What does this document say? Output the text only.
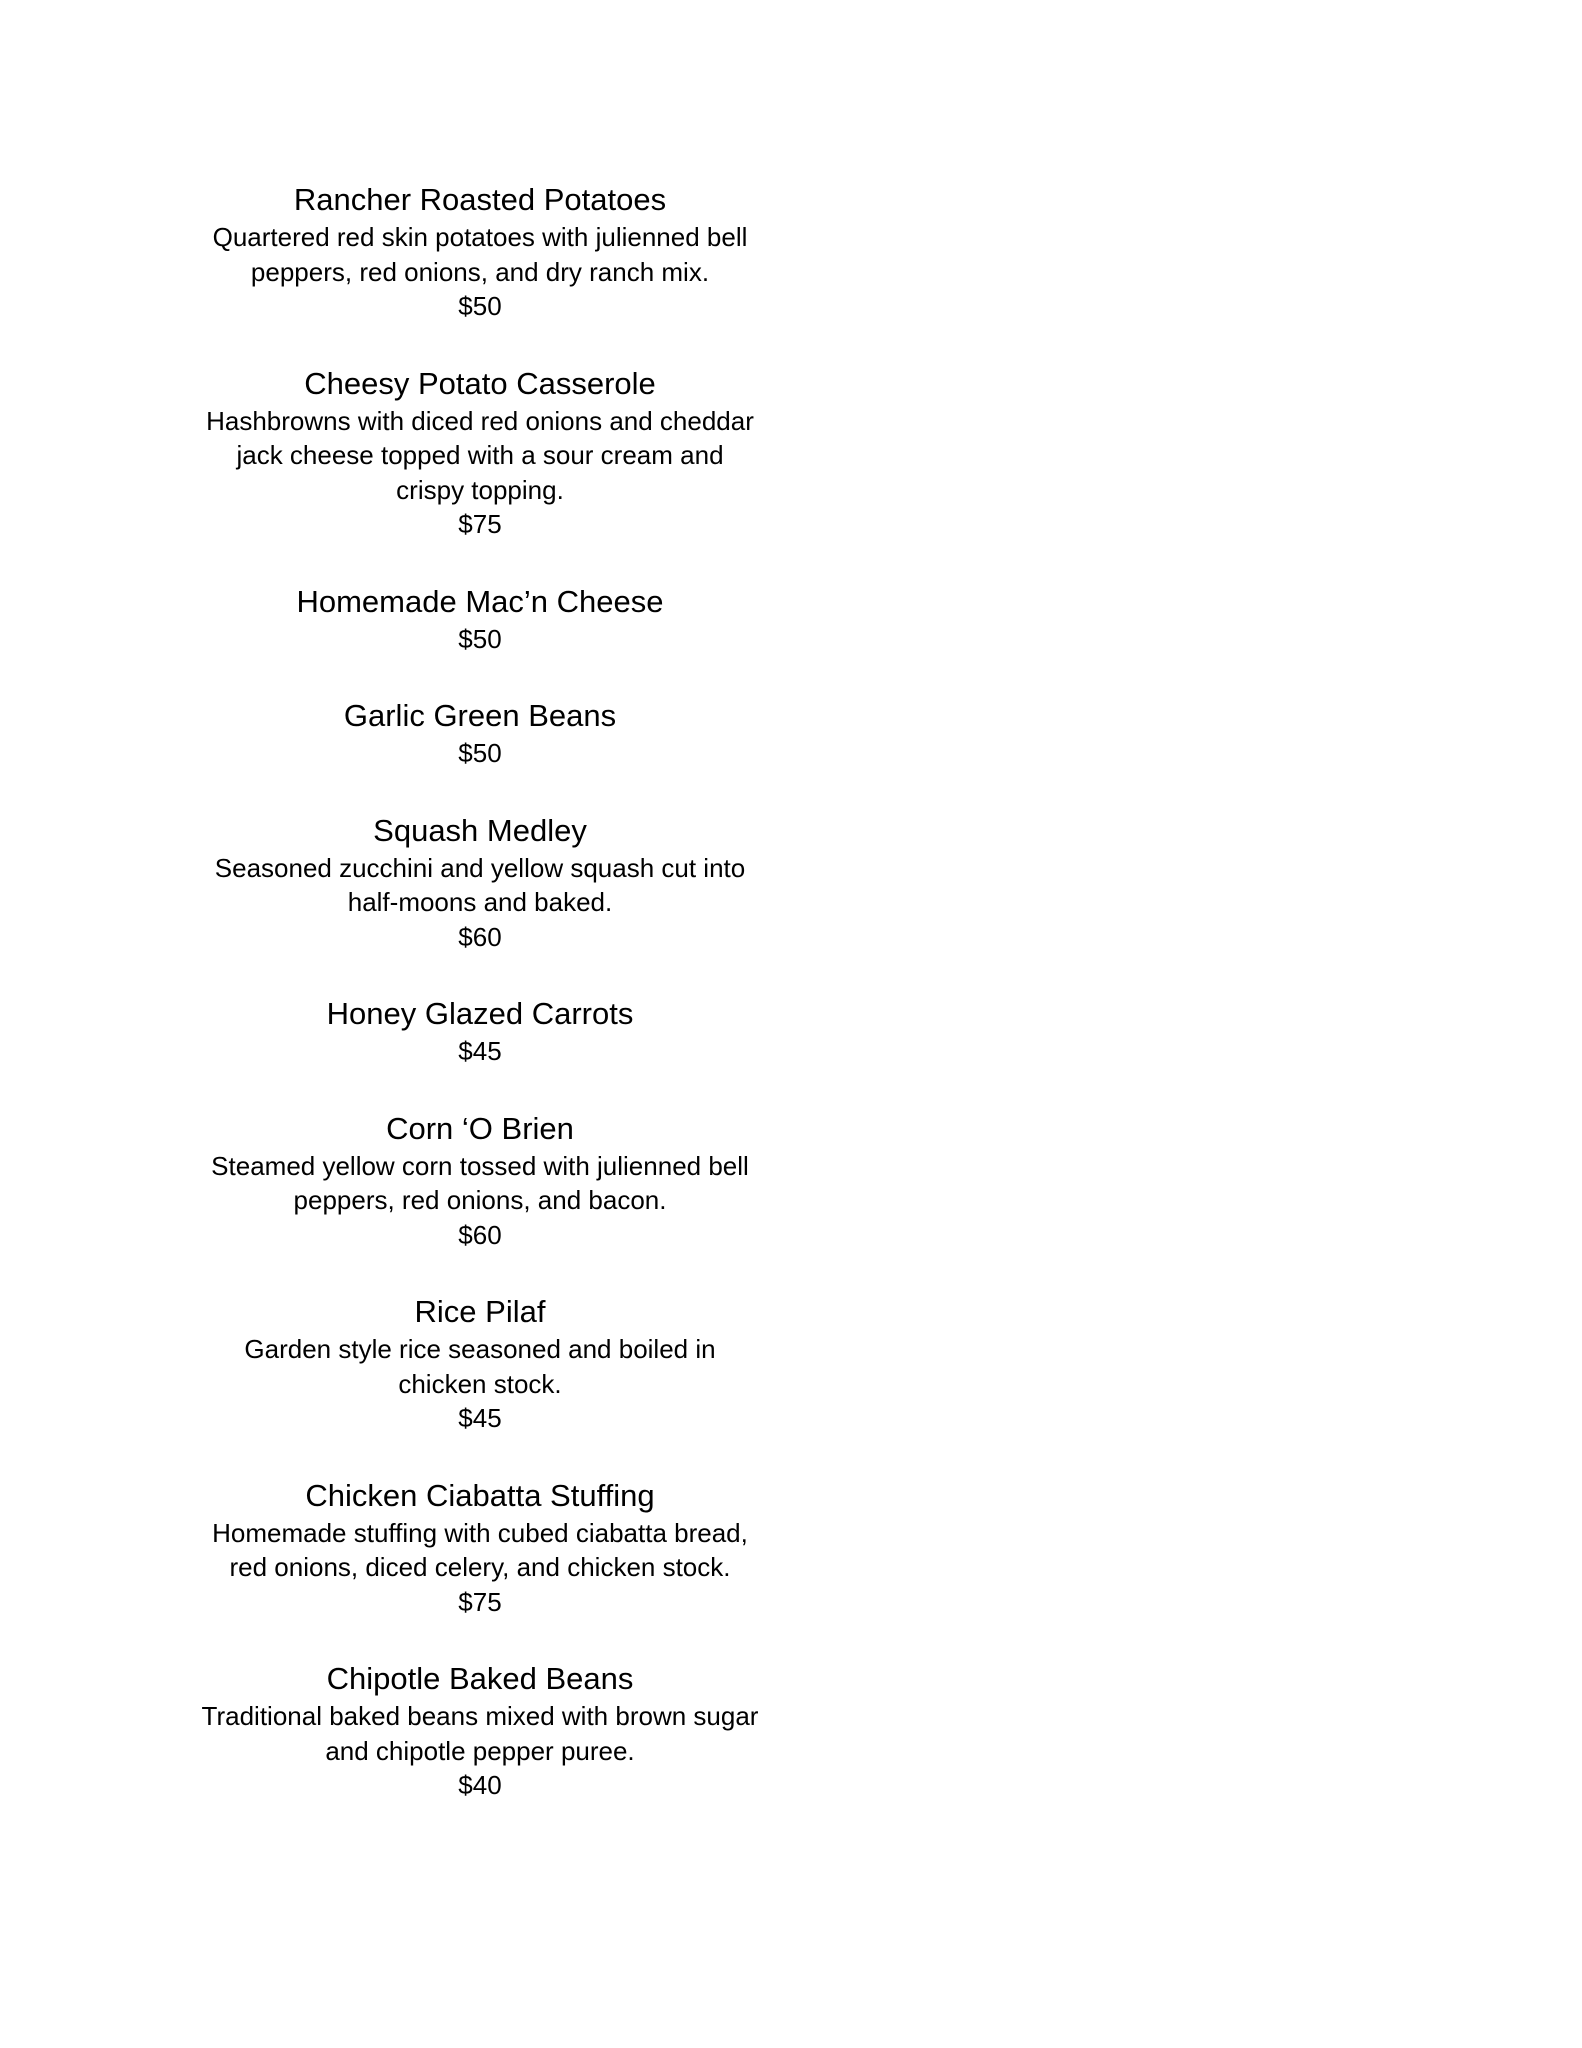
Rancher Roasted Potatoes

Quartered red skin potatoes with julienned bell
peppers, red onions, and dry ranch mix.

$50

Cheesy Potato Casserole

Hashbrowns with diced red onions and cheddar
jack cheese topped with a sour cream and
crispy topping.

$75

Homemade Mac’n Cheese

$50

Garlic Green Beans

$50

Squash Medley

Seasoned zucchini and yellow squash cut into
half-moons and baked.

$60

Honey Glazed Carrots

$45

Corn ‘O Brien

Steamed yellow corn tossed with julienned bell
peppers, red onions, and bacon.

$60

Rice Pilaf

Garden style rice seasoned and boiled in
chicken stock.

$45

Chicken Ciabatta Stuffing

Homemade stuffing with cubed ciabatta bread,
red onions, diced celery, and chicken stock.

$75

Chipotle Baked Beans

Traditional baked beans mixed with brown sugar
and chipotle pepper puree.

$40
